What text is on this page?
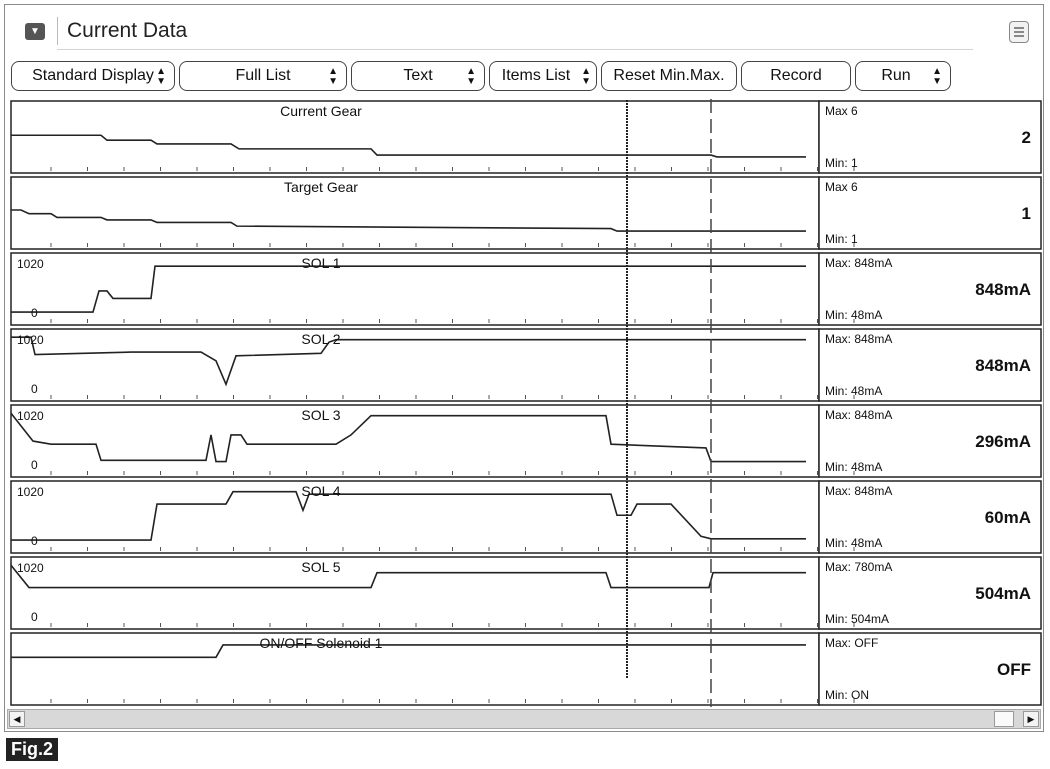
▼ Current Data
Standard Display ▲
▼	Full List	▲
▼	Text	▲
▼	Items List ▲
▼	Reset Min.Max.	Record	Run ▲
▼
Current Gear	Max 6
Min: 1
2
Target Gear	Max 6
Min: 1
1
SOL 1
1020
0
Max: 848mA
Min: 48mA
848mA
SOL 2
1020
0
Max: 848mA
Min: 48mA
848mA
SOL 3
1020
0
Max: 848mA
Min: 48mA
296mA
SOL 4
1020
0
Max: 848mA
Min: 48mA
60mA
SOL 5
1020
0
Max: 780mA
Min: 504mA
504mA
ON/OFF Solenoid 1	Max: OFF
Min: ON
OFF
◀	▶
Fig.2
